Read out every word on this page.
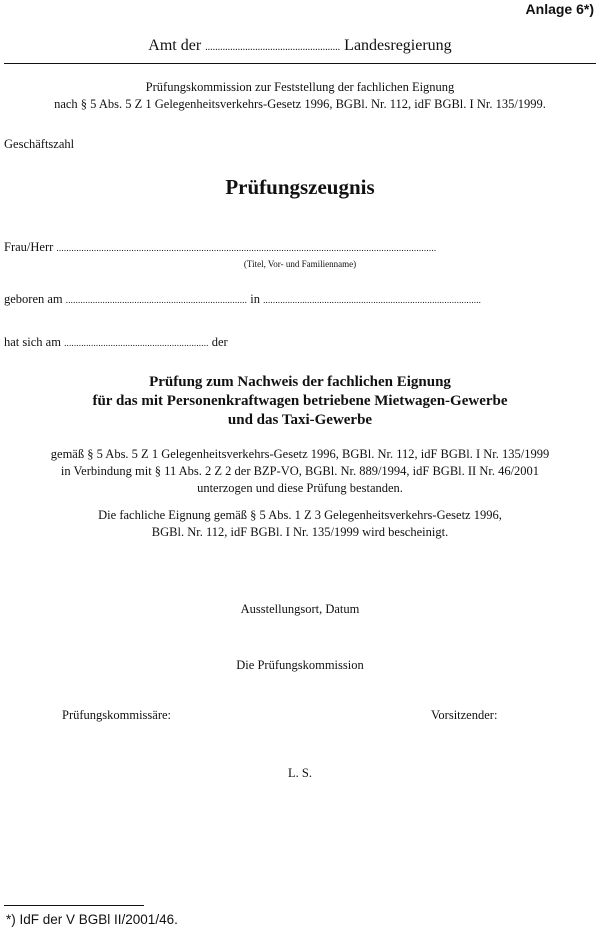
Anlage 6*)
Amt der ...................................................... Landesregierung
Prüfungskommission zur Feststellung der fachlichen Eignung
nach § 5 Abs. 5 Z 1 Gelegenheitsverkehrs-Gesetz 1996, BGBl. Nr. 112, idF BGBl. I Nr. 135/1999.
Geschäftszahl
Prüfungszeugnis
Frau/Herr ........................................................................................................................................................
(Titel, Vor- und Familienname)
geboren am .......................................................................... in .........................................................................................
hat sich am ........................................................... der
Prüfung zum Nachweis der fachlichen Eignung
für das mit Personenkraftwagen betriebene Mietwagen-Gewerbe
und das Taxi-Gewerbe
gemäß § 5 Abs. 5 Z 1 Gelegenheitsverkehrs-Gesetz 1996, BGBl. Nr. 112, idF BGBl. I Nr. 135/1999
in Verbindung mit § 11 Abs. 2 Z 2 der BZP-VO, BGBl. Nr. 889/1994, idF BGBl. II Nr. 46/2001
unterzogen und diese Prüfung bestanden.
Die fachliche Eignung gemäß § 5 Abs. 1 Z 3 Gelegenheitsverkehrs-Gesetz 1996,
BGBl. Nr. 112, idF BGBl. I Nr. 135/1999 wird bescheinigt.
Ausstellungsort, Datum
Die Prüfungskommission
Prüfungskommissäre:	Vorsitzender:
L. S.
*) IdF der V BGBl II/2001/46.
